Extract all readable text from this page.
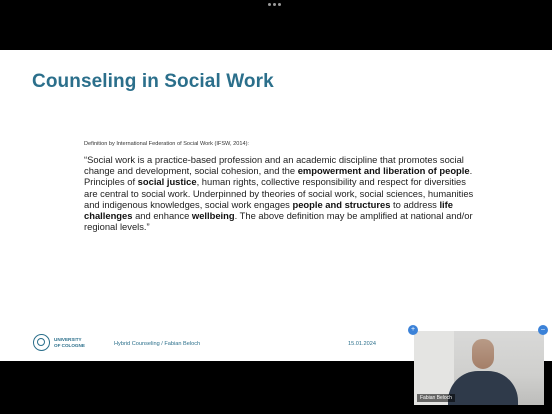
Counseling in Social Work
Definition by International Federation of Social Work (IFSW, 2014):

“Social work is a practice-based profession and an academic discipline that promotes social change and development, social cohesion, and the empowerment and liberation of people. Principles of social justice, human rights, collective responsibility and respect for diversities are central to social work. Underpinned by theories of social work, social sciences, humanities and indigenous knowledges, social work engages people and structures to address life challenges and enhance wellbeing. The above definition may be amplified at national and/or regional levels.”

UNIVERSITY
OF COLOGNE	Hybrid Counseling / Fabian Beloch	15.01.2024
Fabian Beloch
+	–
